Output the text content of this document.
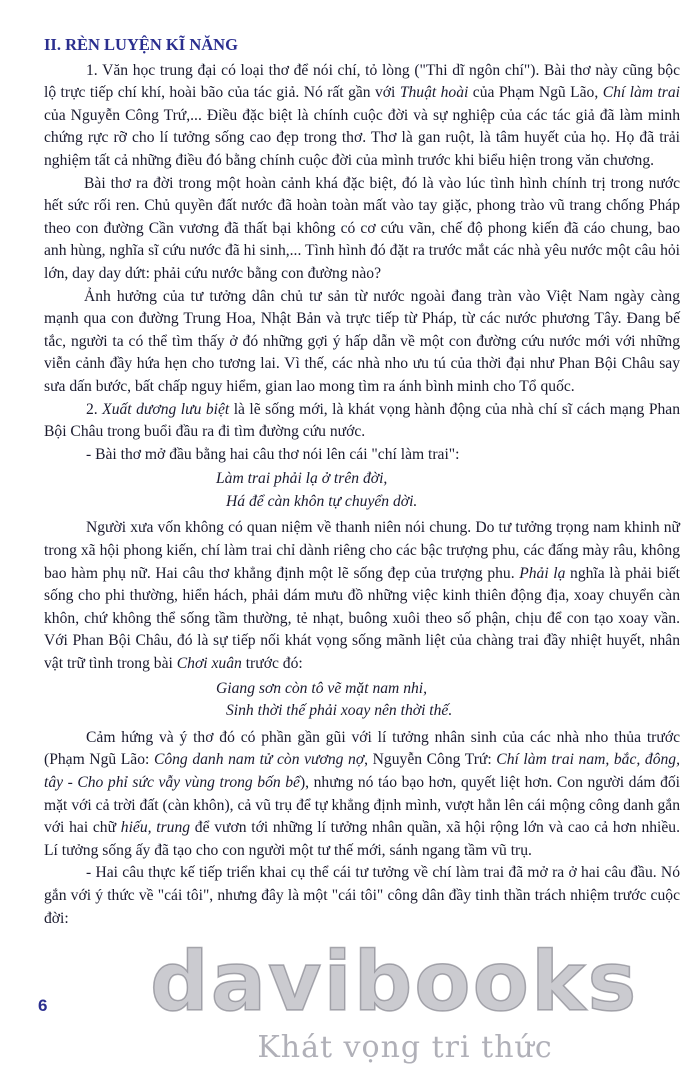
II. RÈN LUYỆN KĨ NĂNG

1. Văn học trung đại có loại thơ để nói chí, tỏ lòng ("Thi dĩ ngôn chí"). Bài thơ này cũng bộc lộ trực tiếp chí khí, hoài bão của tác giả. Nó rất gần với Thuật hoài của Phạm Ngũ Lão, Chí làm trai của Nguyễn Công Trứ,... Điều đặc biệt là chính cuộc đời và sự nghiệp của các tác giả đã làm minh chứng rực rỡ cho lí tưởng sống cao đẹp trong thơ. Thơ là gan ruột, là tâm huyết của họ. Họ đã trải nghiệm tất cả những điều đó bằng chính cuộc đời của mình trước khi biểu hiện trong văn chương.

Bài thơ ra đời trong một hoàn cảnh khá đặc biệt, đó là vào lúc tình hình chính trị trong nước hết sức rối ren. Chủ quyền đất nước đã hoàn toàn mất vào tay giặc, phong trào vũ trang chống Pháp theo con đường Cần vương đã thất bại không có cơ cứu vãn, chế độ phong kiến đã cáo chung, bao anh hùng, nghĩa sĩ cứu nước đã hi sinh,... Tình hình đó đặt ra trước mắt các nhà yêu nước một câu hỏi lớn, day day dứt: phải cứu nước bằng con đường nào?

Ảnh hưởng của tư tưởng dân chủ tư sản từ nước ngoài đang tràn vào Việt Nam ngày càng mạnh qua con đường Trung Hoa, Nhật Bản và trực tiếp từ Pháp, từ các nước phương Tây. Đang bế tắc, người ta có thể tìm thấy ở đó những gợi ý hấp dẫn về một con đường cứu nước mới với những viễn cảnh đầy hứa hẹn cho tương lai. Vì thế, các nhà nho ưu tú của thời đại như Phan Bội Châu say sưa dấn bước, bất chấp nguy hiểm, gian lao mong tìm ra ánh bình minh cho Tổ quốc.

2. Xuất dương lưu biệt là lẽ sống mới, là khát vọng hành động của nhà chí sĩ cách mạng Phan Bội Châu trong buổi đầu ra đi tìm đường cứu nước.

- Bài thơ mở đầu bằng hai câu thơ nói lên cái "chí làm trai":

Làm trai phải lạ ở trên đời,
Há để càn khôn tự chuyển dời.

Người xưa vốn không có quan niệm về thanh niên nói chung. Do tư tưởng trọng nam khinh nữ trong xã hội phong kiến, chí làm trai chỉ dành riêng cho các bậc trượng phu, các đấng mày râu, không bao hàm phụ nữ. Hai câu thơ khẳng định một lẽ sống đẹp của trượng phu. Phải lạ nghĩa là phải biết sống cho phi thường, hiển hách, phải dám mưu đồ những việc kinh thiên động địa, xoay chuyển càn khôn, chứ không thể sống tầm thường, tẻ nhạt, buông xuôi theo số phận, chịu để con tạo xoay vần. Với Phan Bội Châu, đó là sự tiếp nối khát vọng sống mãnh liệt của chàng trai đầy nhiệt huyết, nhân vật trữ tình trong bài Chơi xuân trước đó:

Giang sơn còn tô vẽ mặt nam nhi,
Sinh thời thế phải xoay nên thời thế.

Cảm hứng và ý thơ đó có phần gần gũi với lí tưởng nhân sinh của các nhà nho thủa trước (Phạm Ngũ Lão: Công danh nam tử còn vương nợ, Nguyễn Công Trứ: Chí làm trai nam, bắc, đông, tây - Cho phỉ sức vẫy vùng trong bốn bể), nhưng nó táo bạo hơn, quyết liệt hơn. Con người dám đối mặt với cả trời đất (càn khôn), cả vũ trụ để tự khẳng định mình, vượt hẳn lên cái mộng công danh gắn với hai chữ hiếu, trung để vươn tới những lí tưởng nhân quần, xã hội rộng lớn và cao cả hơn nhiều. Lí tưởng sống ấy đã tạo cho con người một tư thế mới, sánh ngang tầm vũ trụ.

- Hai câu thực kế tiếp triển khai cụ thể cái tư tưởng về chí làm trai đã mở ra ở hai câu đầu. Nó gắn với ý thức về "cái tôi", nhưng đây là một "cái tôi" công dân đầy tinh thần trách nhiệm trước cuộc đời:

6 davibooks
Khát vọng tri thức
